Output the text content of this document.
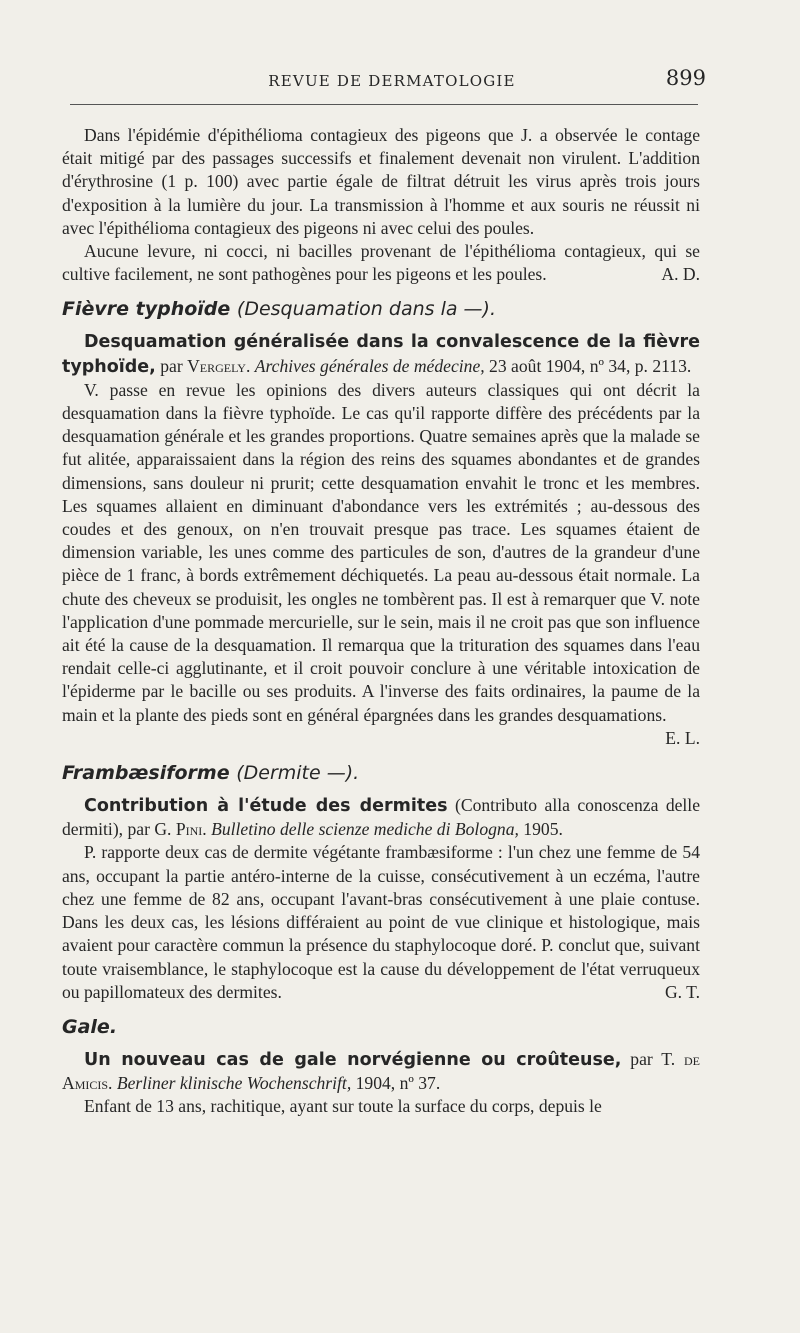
REVUE DE DERMATOLOGIE	899

Dans l'épidémie d'épithélioma contagieux des pigeons que J. a observée le contage était mitigé par des passages successifs et finalement devenait non virulent. L'addition d'érythrosine (1 p. 100) avec partie égale de filtrat détruit les virus après trois jours d'exposition à la lumière du jour. La transmission à l'homme et aux souris ne réussit ni avec l'épithélioma contagieux des pigeons ni avec celui des poules.

Aucune levure, ni cocci, ni bacilles provenant de l'épithélioma contagieux, qui se cultive facilement, ne sont pathogènes pour les pigeons et les poules.	A. D.

Fièvre typhoïde (Desquamation dans la —).

Desquamation généralisée dans la convalescence de la fièvre typhoïde, par Vergely. Archives générales de médecine, 23 août 1904, nº 34, p. 2113.

V. passe en revue les opinions des divers auteurs classiques qui ont décrit la desquamation dans la fièvre typhoïde. Le cas qu'il rapporte diffère des précédents par la desquamation générale et les grandes proportions. Quatre semaines après que la malade se fut alitée, apparaissaient dans la région des reins des squames abondantes et de grandes dimensions, sans douleur ni prurit; cette desquamation envahit le tronc et les membres. Les squames allaient en diminuant d'abondance vers les extrémités ; au-dessous des coudes et des genoux, on n'en trouvait presque pas trace. Les squames étaient de dimension variable, les unes comme des particules de son, d'autres de la grandeur d'une pièce de 1 franc, à bords extrêmement déchiquetés. La peau au-dessous était normale. La chute des cheveux se produisit, les ongles ne tombèrent pas. Il est à remarquer que V. note l'application d'une pommade mercurielle, sur le sein, mais il ne croit pas que son influence ait été la cause de la desquamation. Il remarqua que la trituration des squames dans l'eau rendait celle-ci agglutinante, et il croit pouvoir conclure à une véritable intoxication de l'épiderme par le bacille ou ses produits. A l'inverse des faits ordinaires, la paume de la main et la plante des pieds sont en général épargnées dans les grandes desquamations.
E. L.

Frambæsiforme (Dermite —).

Contribution à l'étude des dermites (Contributo alla conoscenza delle dermiti), par G. Pini. Bulletino delle scienze mediche di Bologna, 1905.

P. rapporte deux cas de dermite végétante frambæsiforme : l'un chez une femme de 54 ans, occupant la partie antéro-interne de la cuisse, consécutivement à un eczéma, l'autre chez une femme de 82 ans, occupant l'avant-bras consécutivement à une plaie contuse. Dans les deux cas, les lésions différaient au point de vue clinique et histologique, mais avaient pour caractère commun la présence du staphylocoque doré. P. conclut que, suivant toute vraisemblance, le staphylocoque est la cause du développement de l'état verruqueux ou papillomateux des dermites.	G. T.

Gale.

Un nouveau cas de gale norvégienne ou croûteuse, par T. de Amicis. Berliner klinische Wochenschrift, 1904, nº 37.

Enfant de 13 ans, rachitique, ayant sur toute la surface du corps, depuis le
